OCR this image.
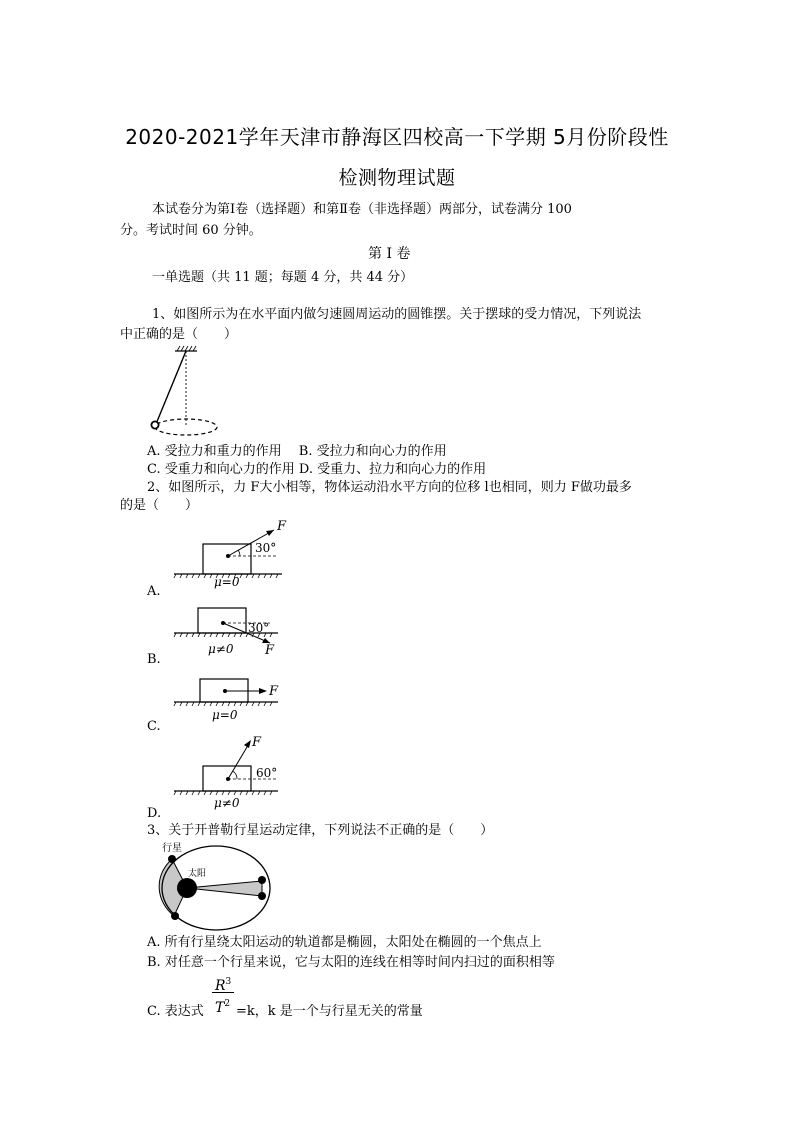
2020-2021学年天津市静海区四校高一下学期 5月份阶段性
检测物理试题
本试卷分为第Ⅰ卷（选择题）和第Ⅱ卷（非选择题）两部分，试卷满分 100
分。考试时间 60 分钟。
第 Ⅰ 卷
一单选题（共 11 题；每题 4 分，共 44 分）
1、如图所示为在水平面内做匀速圆周运动的圆锥摆。关于摆球的受力情况，下列说法
中正确的是（　　）
A. 受拉力和重力的作用　 B. 受拉力和向心力的作用
C. 受重力和向心力的作用 D. 受重力、拉力和向心力的作用
2、如图所示，力 F大小相等，物体运动沿水平方向的位移 l也相同，则力 F做功最多
的是（　　）
F
30°
μ=0
A.
30°
F
μ≠0
B.
F
μ=0
C.
F
60°
μ≠0
D.
3、关于开普勒行星运动定律，下列说法不正确的是（　　）
行星
太阳
A. 所有行星绕太阳运动的轨道都是椭圆，太阳处在椭圆的一个焦点上
B. 对任意一个行星来说，它与太阳的连线在相等时间内扫过的面积相等
C. 表达式
$R^3$
$T^2 =k$，k 是一个与行星无关的常量
